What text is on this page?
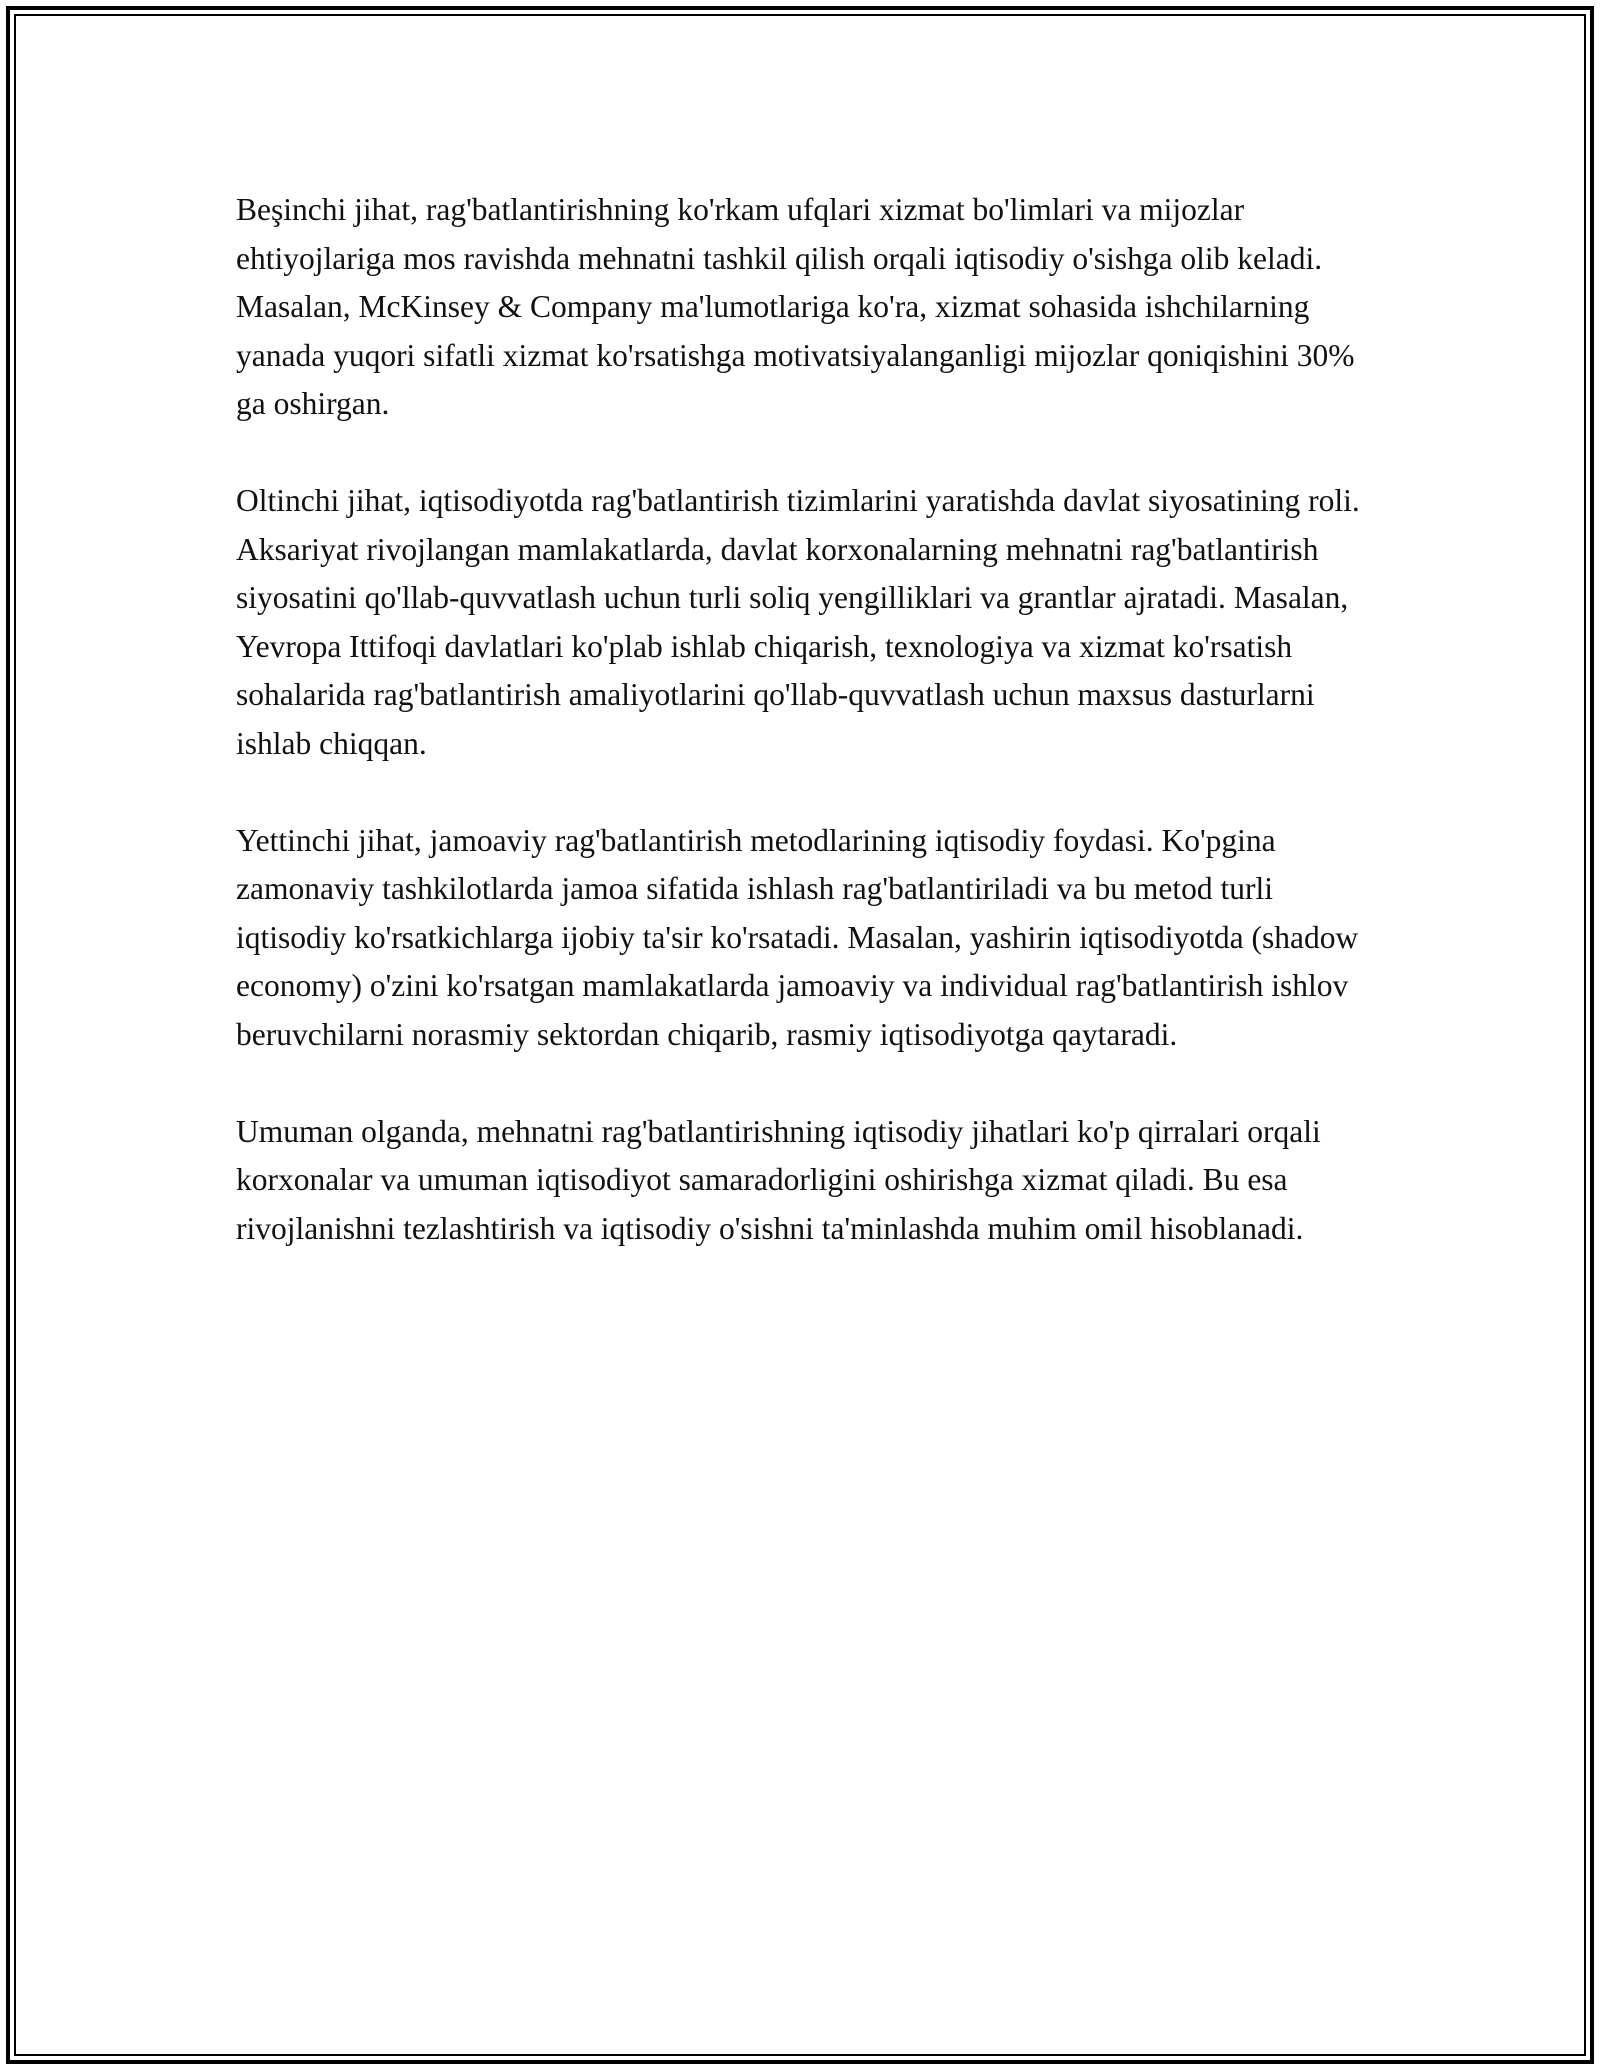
Beşinchi jihat, rag'batlantirishning ko'rkam ufqlari xizmat bo'limlari va mijozlar ehtiyojlariga mos ravishda mehnatni tashkil qilish orqali iqtisodiy o'sishga olib keladi. Masalan, McKinsey & Company ma'lumotlariga ko'ra, xizmat sohasida ishchilarning yanada yuqori sifatli xizmat ko'rsatishga motivatsiyalanganligi mijozlar qoniqishini 30% ga oshirgan.

Oltinchi jihat, iqtisodiyotda rag'batlantirish tizimlarini yaratishda davlat siyosatining roli. Aksariyat rivojlangan mamlakatlarda, davlat korxonalarning mehnatni rag'batlantirish siyosatini qo'llab-quvvatlash uchun turli soliq yengilliklari va grantlar ajratadi. Masalan, Yevropa Ittifoqi davlatlari ko'plab ishlab chiqarish, texnologiya va xizmat ko'rsatish sohalarida rag'batlantirish amaliyotlarini qo'llab-quvvatlash uchun maxsus dasturlarni ishlab chiqqan.

Yettinchi jihat, jamoaviy rag'batlantirish metodlarining iqtisodiy foydasi. Ko'pgina zamonaviy tashkilotlarda jamoa sifatida ishlash rag'batlantiriladi va bu metod turli iqtisodiy ko'rsatkichlarga ijobiy ta'sir ko'rsatadi. Masalan, yashirin iqtisodiyotda (shadow economy) o'zini ko'rsatgan mamlakatlarda jamoaviy va individual rag'batlantirish ishlov beruvchilarni norasmiy sektordan chiqarib, rasmiy iqtisodiyotga qaytaradi.

Umuman olganda, mehnatni rag'batlantirishning iqtisodiy jihatlari ko'p qirralari orqali korxonalar va umuman iqtisodiyot samaradorligini oshirishga xizmat qiladi. Bu esa rivojlanishni tezlashtirish va iqtisodiy o'sishni ta'minlashda muhim omil hisoblanadi.
